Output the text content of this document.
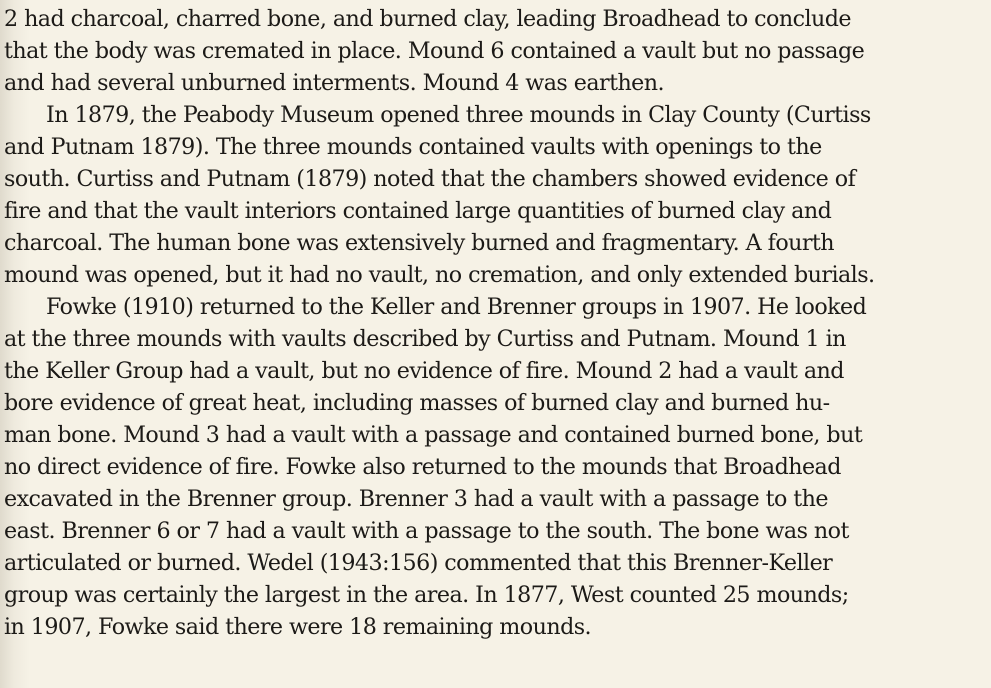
2 had charcoal, charred bone, and burned clay, leading Broadhead to conclude
that the body was cremated in place. Mound 6 contained a vault but no passage
and had several unburned interments. Mound 4 was earthen.
In 1879, the Peabody Museum opened three mounds in Clay County (Curtiss
and Putnam 1879). The three mounds contained vaults with openings to the
south. Curtiss and Putnam (1879) noted that the chambers showed evidence of
fire and that the vault interiors contained large quantities of burned clay and
charcoal. The human bone was extensively burned and fragmentary. A fourth
mound was opened, but it had no vault, no cremation, and only extended burials.
Fowke (1910) returned to the Keller and Brenner groups in 1907. He looked
at the three mounds with vaults described by Curtiss and Putnam. Mound 1 in
the Keller Group had a vault, but no evidence of fire. Mound 2 had a vault and
bore evidence of great heat, including masses of burned clay and burned hu-
man bone. Mound 3 had a vault with a passage and contained burned bone, but
no direct evidence of fire. Fowke also returned to the mounds that Broadhead
excavated in the Brenner group. Brenner 3 had a vault with a passage to the
east. Brenner 6 or 7 had a vault with a passage to the south. The bone was not
articulated or burned. Wedel (1943:156) commented that this Brenner-Keller
group was certainly the largest in the area. In 1877, West counted 25 mounds;
in 1907, Fowke said there were 18 remaining mounds.
